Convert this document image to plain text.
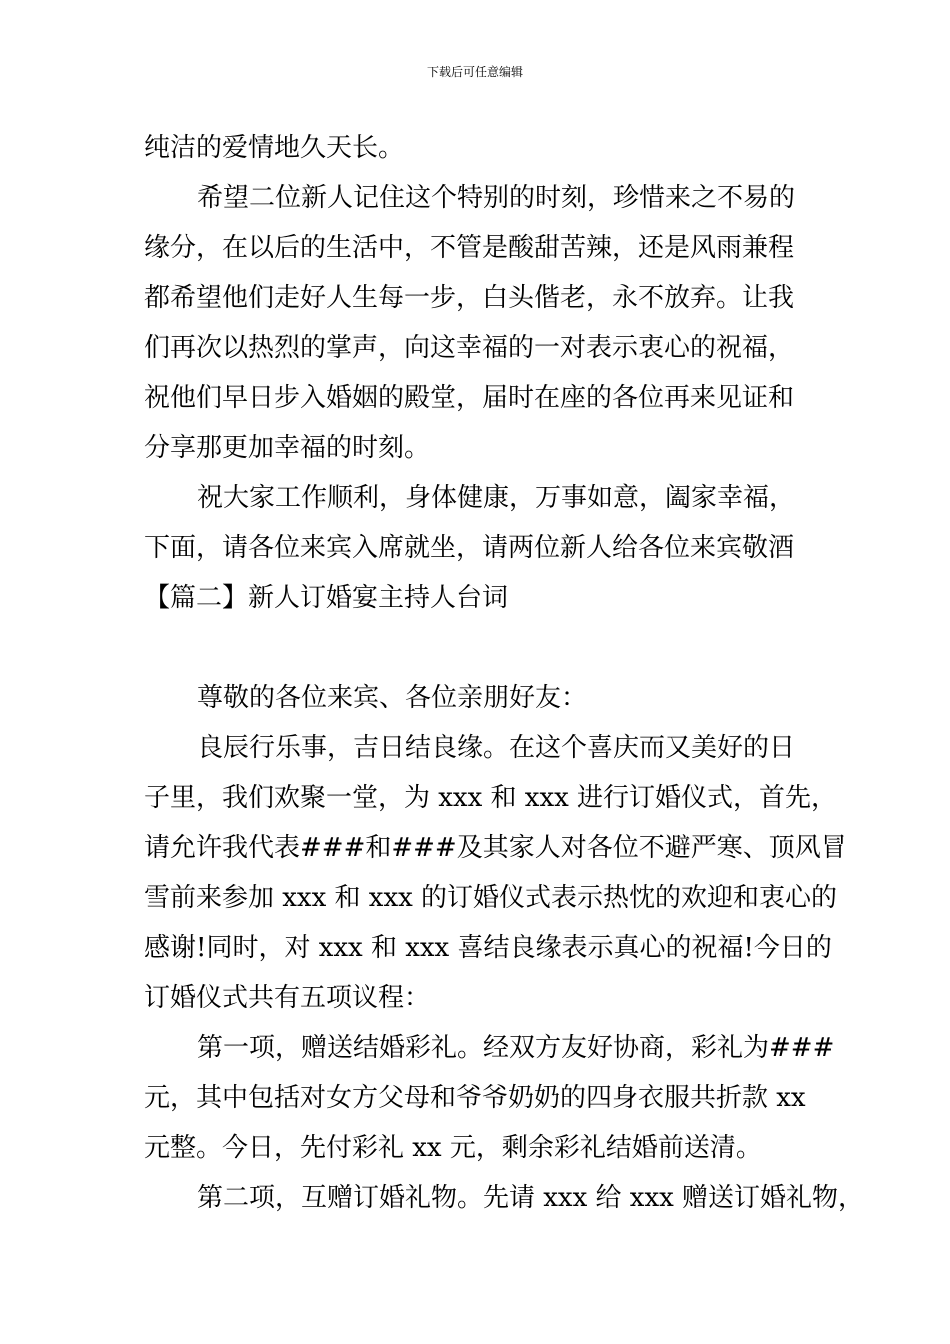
下载后可任意编辑
纯洁的爱情地久天长。
希望二位新人记住这个特别的时刻，珍惜来之不易的
缘分，在以后的生活中，不管是酸甜苦辣，还是风雨兼程
都希望他们走好人生每一步，白头偕老，永不放弃。让我
们再次以热烈的掌声，向这幸福的一对表示衷心的祝福，
祝他们早日步入婚姻的殿堂，届时在座的各位再来见证和
分享那更加幸福的时刻。
祝大家工作顺利，身体健康，万事如意，阖家幸福，
下面，请各位来宾入席就坐，请两位新人给各位来宾敬酒
【篇二】新人订婚宴主持人台词
尊敬的各位来宾、各位亲朋好友：
良辰行乐事，吉日结良缘。在这个喜庆而又美好的日
子里，我们欢聚一堂，为 xxx 和 xxx 进行订婚仪式，首先，
请允许我代表###和###及其家人对各位不避严寒、顶风冒
雪前来参加 xxx 和 xxx 的订婚仪式表示热忱的欢迎和衷心的
感谢!同时，对 xxx 和 xxx 喜结良缘表示真心的祝福!今日的
订婚仪式共有五项议程：
第一项，赠送结婚彩礼。经双方友好协商，彩礼为###
元，其中包括对女方父母和爷爷奶奶的四身衣服共折款 xx
元整。今日，先付彩礼 xx 元，剩余彩礼结婚前送清。
第二项，互赠订婚礼物。先请 xxx 给 xxx 赠送订婚礼物，
